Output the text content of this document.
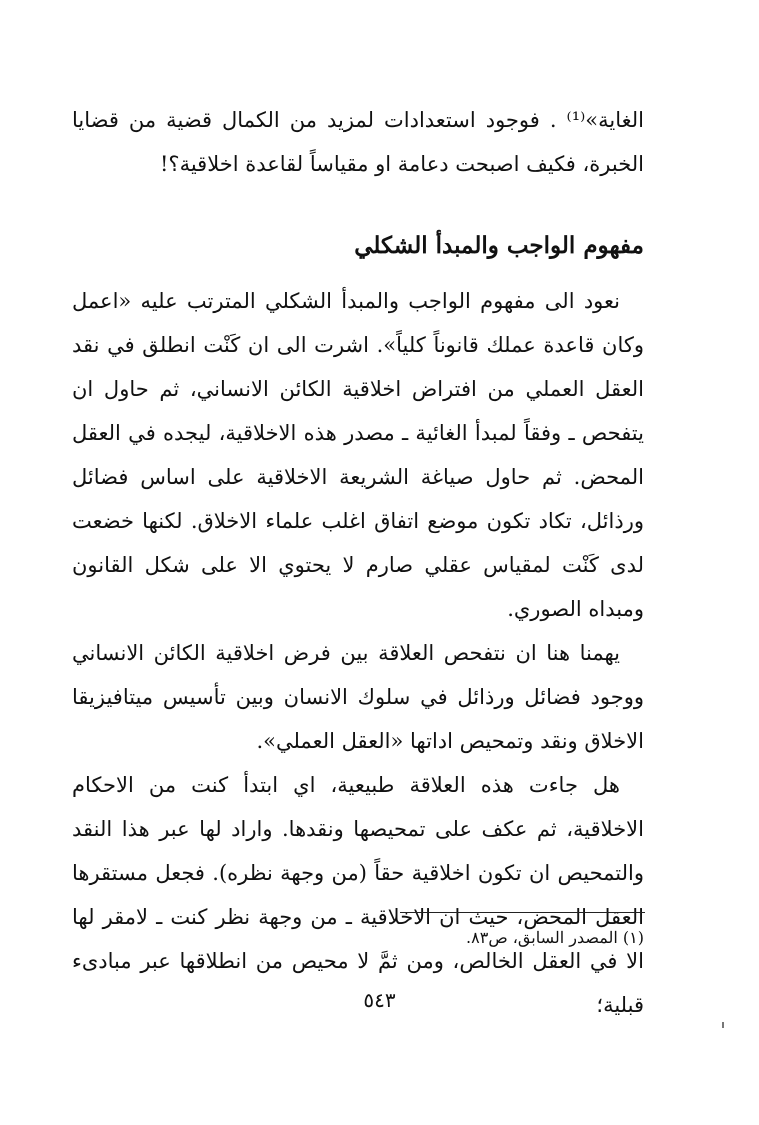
الغاية»⁽¹⁾ . فوجود استعدادات لمزيد من الكمال قضية من قضايا الخبرة، فكيف اصبحت دعامة او مقياساً لقاعدة اخلاقية؟!

مفهوم الواجب والمبدأ الشكلي

نعود الى مفهوم الواجب والمبدأ الشكلي المترتب عليه «اعمل وكان قاعدة عملك قانوناً كلياً». اشرت الى ان كَنْت انطلق في نقد العقل العملي من افتراض اخلاقية الكائن الانساني، ثم حاول ان يتفحص ـ وفقاً لمبدأ الغائية ـ مصدر هذه الاخلاقية، ليجده في العقل المحض. ثم حاول صياغة الشريعة الاخلاقية على اساس فضائل ورذائل، تكاد تكون موضع اتفاق اغلب علماء الاخلاق. لكنها خضعت لدى كَنْت لمقياس عقلي صارم لا يحتوي الا على شكل القانون ومبداه الصوري.

يهمنا هنا ان نتفحص العلاقة بين فرض اخلاقية الكائن الانساني ووجود فضائل ورذائل في سلوك الانسان وبين تأسيس ميتافيزيقا الاخلاق ونقد وتمحيص اداتها «العقل العملي».

هل جاءت هذه العلاقة طبيعية، اي ابتدأ كنت من الاحكام الاخلاقية، ثم عكف على تمحيصها ونقدها. واراد لها عبر هذا النقد والتمحيص ان تكون اخلاقية حقاً (من وجهة نظره). فجعل مستقرها العقل المحض، حيث ان الاخلاقية ـ من وجهة نظر كنت ـ لامقر لها الا في العقل الخالص، ومن ثمَّ لا محيص من انطلاقها عبر مبادىء قبلية؛

(١) المصدر السابق، ص٨٣.

٥٤٣
